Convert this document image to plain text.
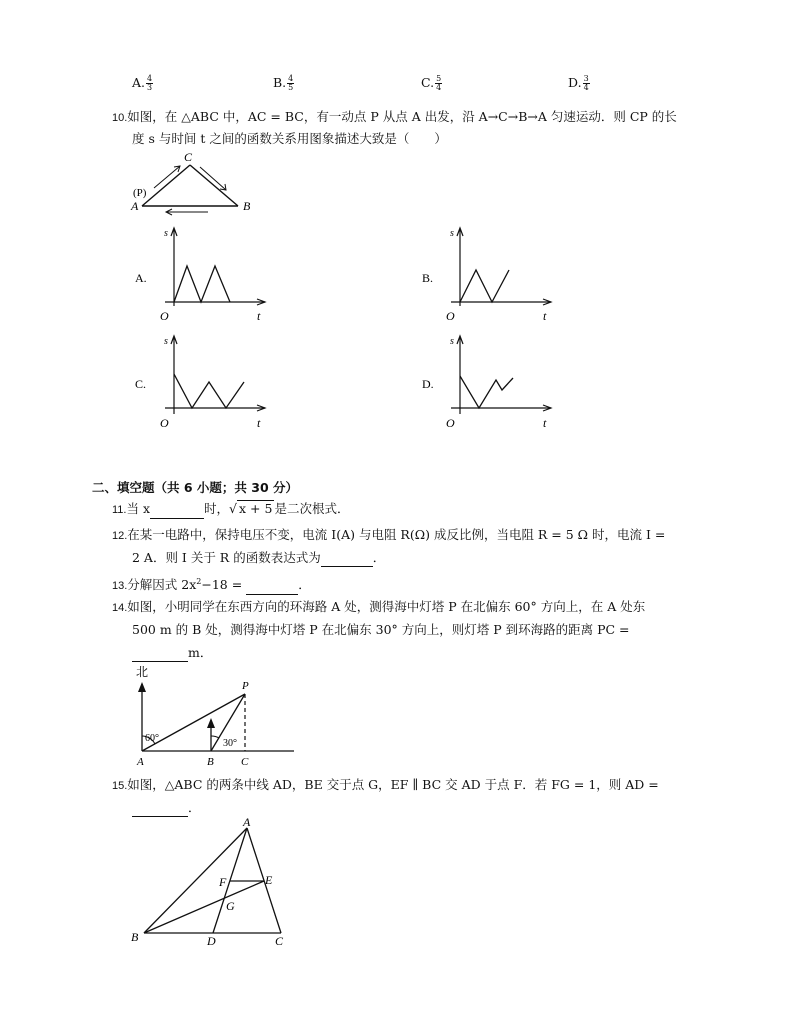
A. $\frac{4}{3}$	B. $\frac{4}{5}$	C. $\frac{5}{4}$	D. $\frac{3}{4}$
10.如图，在 △ABC 中，AC = BC，有一动点 P 从点 A 出发，沿 A→C→B→A 匀速运动．则 CP 的长
度 s 与时间 t 之间的函数关系用图象描述大致是（　　）
C
(P)
A	B
A.
s
t
O
B.
s
t
O
C.
s
t
O
D.
s
t
O
二、填空题（共 6 小题；共 30 分）
11.当 x	时，√ x + 5 是二次根式．
12.在某一电路中，保持电压不变，电流 I(A) 与电阻 R(Ω) 成反比例，当电阻 R = 5 Ω 时，电流 I =
2 A．则 I 关于 R 的函数表达式为	．
13.分解因式 $2x^2-18$ =	．
14.如图，小明同学在东西方向的环海路 A 处，测得海中灯塔 P 在北偏东 60° 方向上，在 A 处东
500 m 的 B 处，测得海中灯塔 P 在北偏东 30° 方向上，则灯塔 P 到环海路的距离 PC =
m．
北
60°	30°
P
A	B C
15.如图，△ABC 的两条中线 AD，BE 交于点 G，EF ∥ BC 交 AD 于点 F．若 FG = 1，则 AD =
．
A
B	C
D
E
F
G
